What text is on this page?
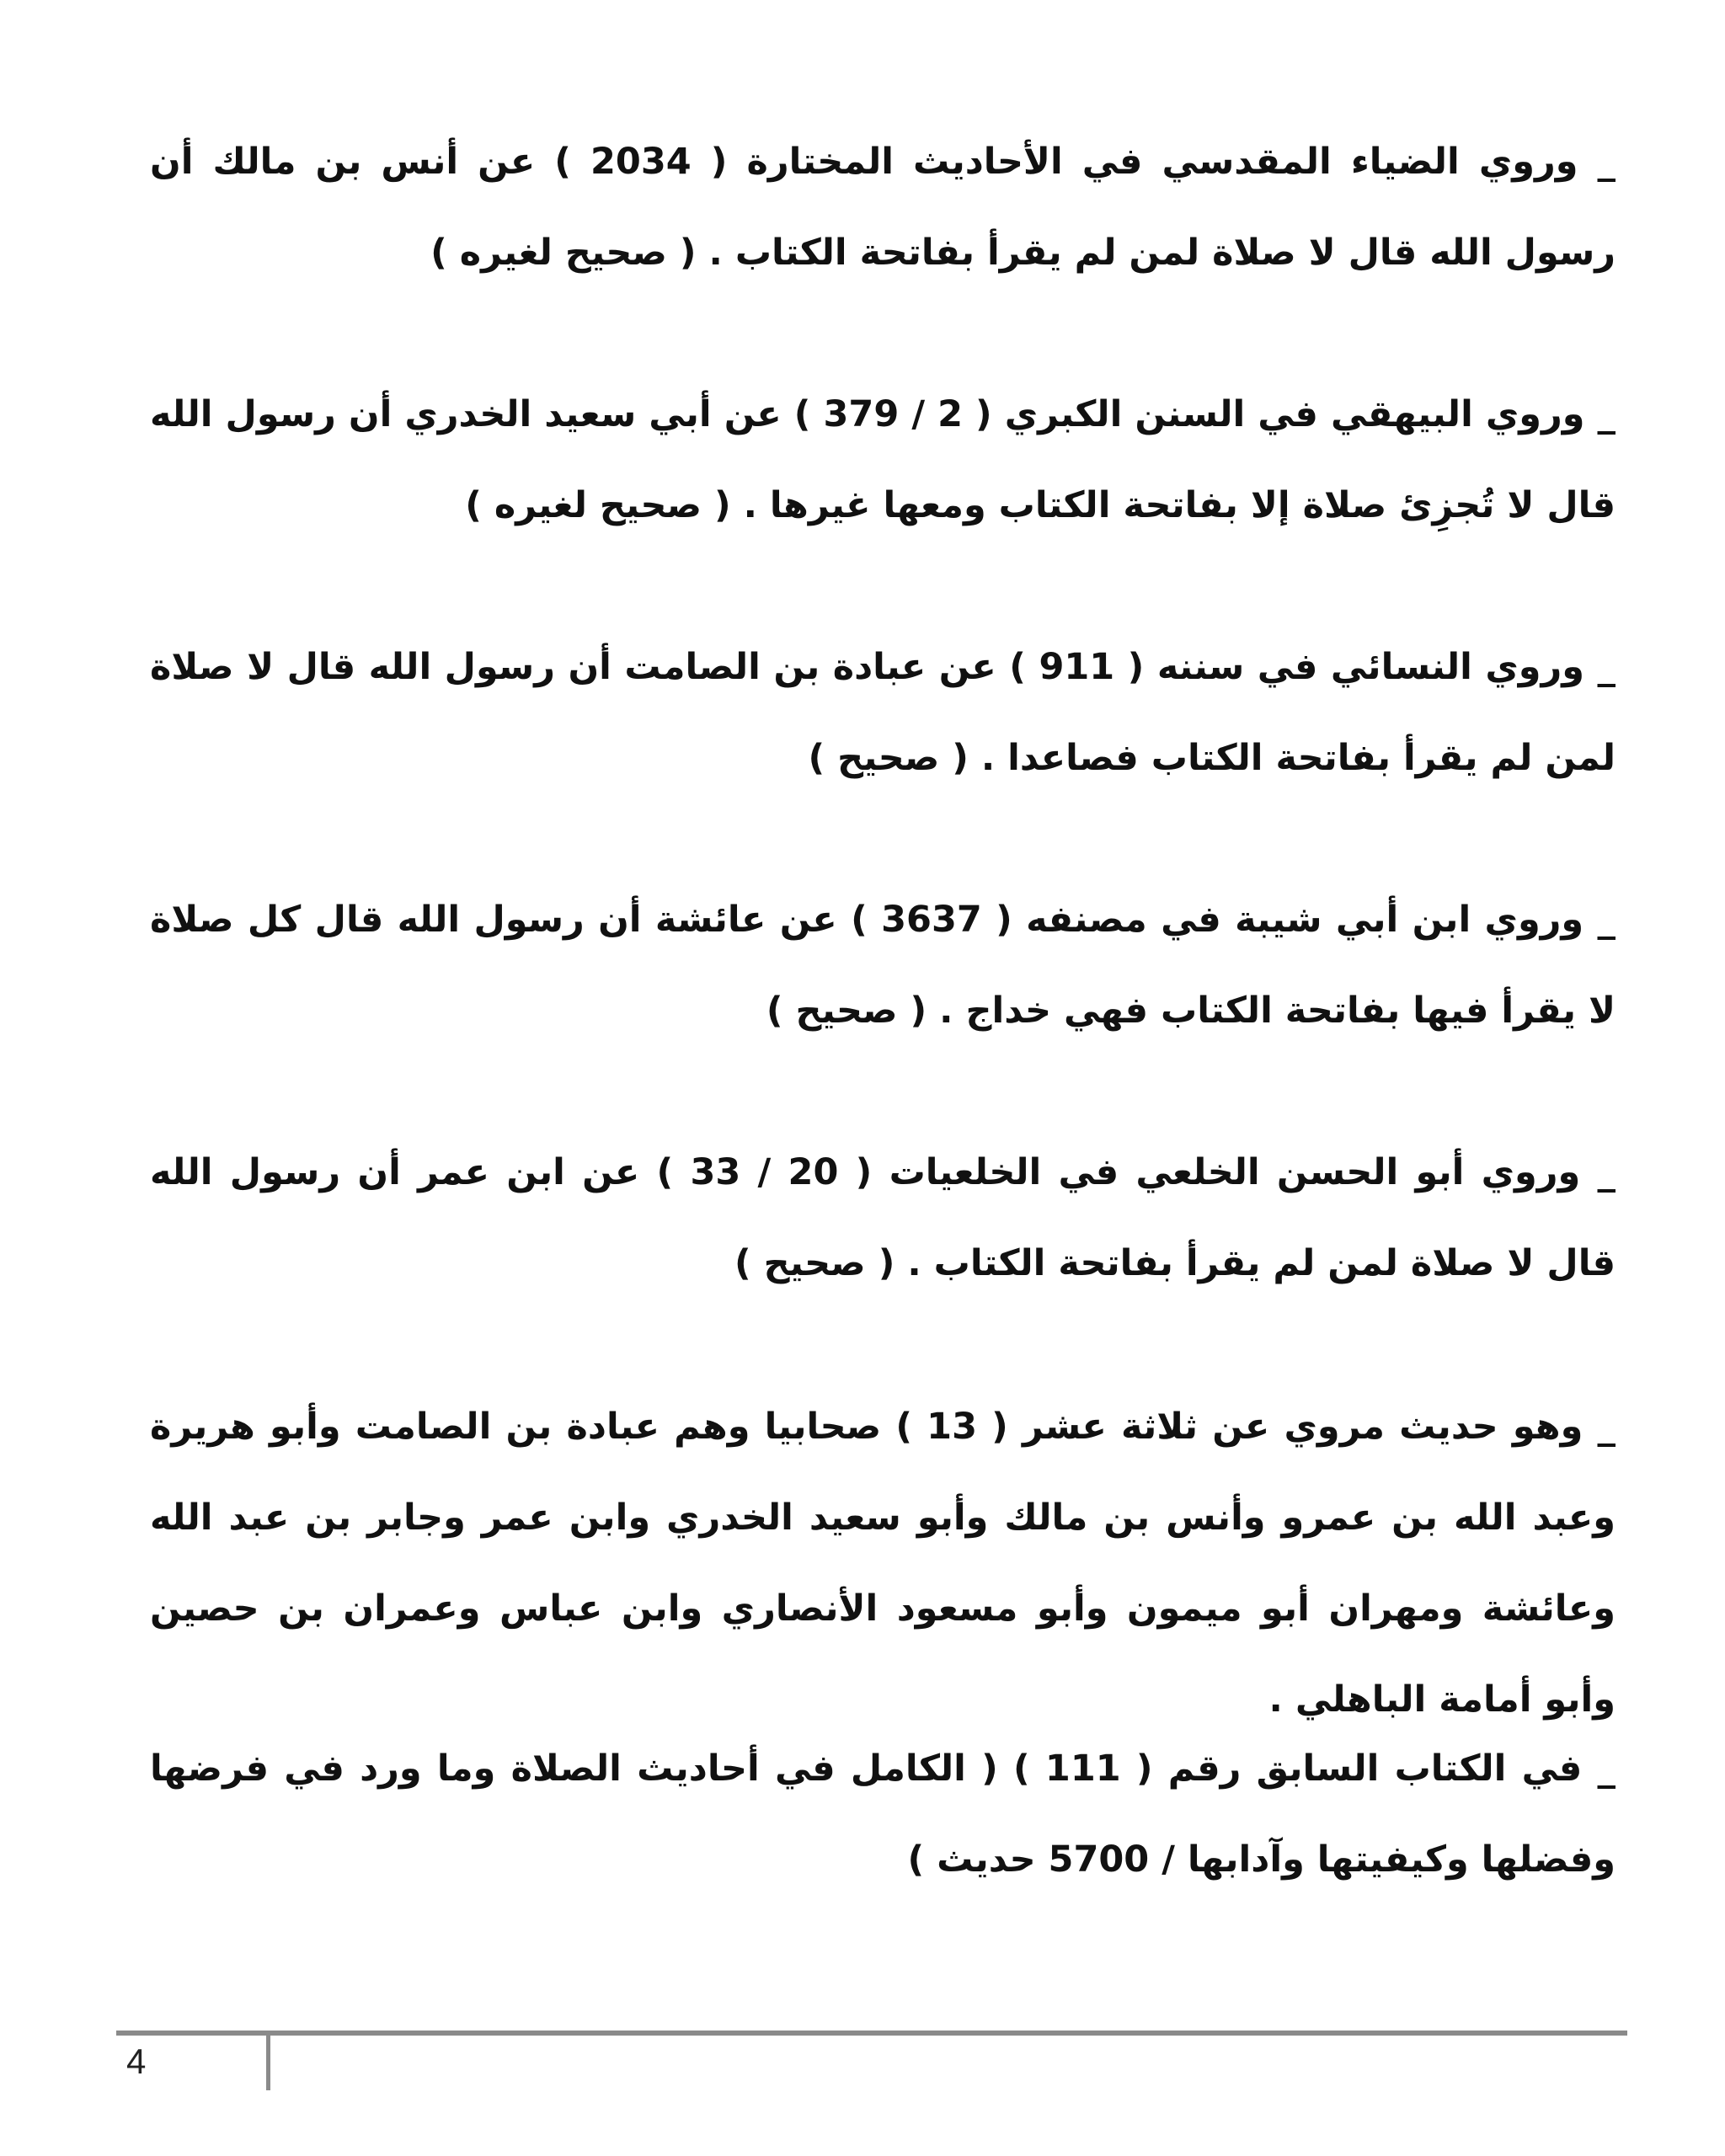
_ وروي الضياء المقدسي في الأحاديث المختارة ( 2034 ) عن أنس بن مالك أن رسول الله قال لا صلاة لمن لم يقرأ بفاتحة الكتاب . ( صحيح لغيره )

_ وروي البيهقي في السنن الكبري ( 2 / 379 ) عن أبي سعيد الخدري أن رسول الله قال لا تُجزِئ صلاة إلا بفاتحة الكتاب ومعها غيرها . ( صحيح لغيره )

_ وروي النسائي في سننه ( 911 ) عن عبادة بن الصامت أن رسول الله قال لا صلاة لمن لم يقرأ بفاتحة الكتاب فصاعدا . ( صحيح )

_ وروي ابن أبي شيبة في مصنفه ( 3637 ) عن عائشة أن رسول الله قال كل صلاة لا يقرأ فيها بفاتحة الكتاب فهي خداج . ( صحيح )

_ وروي أبو الحسن الخلعي في الخلعيات ( 20 / 33 ) عن ابن عمر أن رسول الله قال لا صلاة لمن لم يقرأ بفاتحة الكتاب . ( صحيح )

_ وهو حديث مروي عن ثلاثة عشر ( 13 ) صحابيا وهم عبادة بن الصامت وأبو هريرة وعبد الله بن عمرو وأنس بن مالك وأبو سعيد الخدري وابن عمر وجابر بن عبد الله وعائشة ومهران أبو ميمون وأبو مسعود الأنصاري وابن عباس وعمران بن حصين وأبو أمامة الباهلي .

_ في الكتاب السابق رقم ( 111 ) ( الكامل في أحاديث الصلاة وما ورد في فرضها وفضلها وكيفيتها وآدابها / 5700 حديث )

4
